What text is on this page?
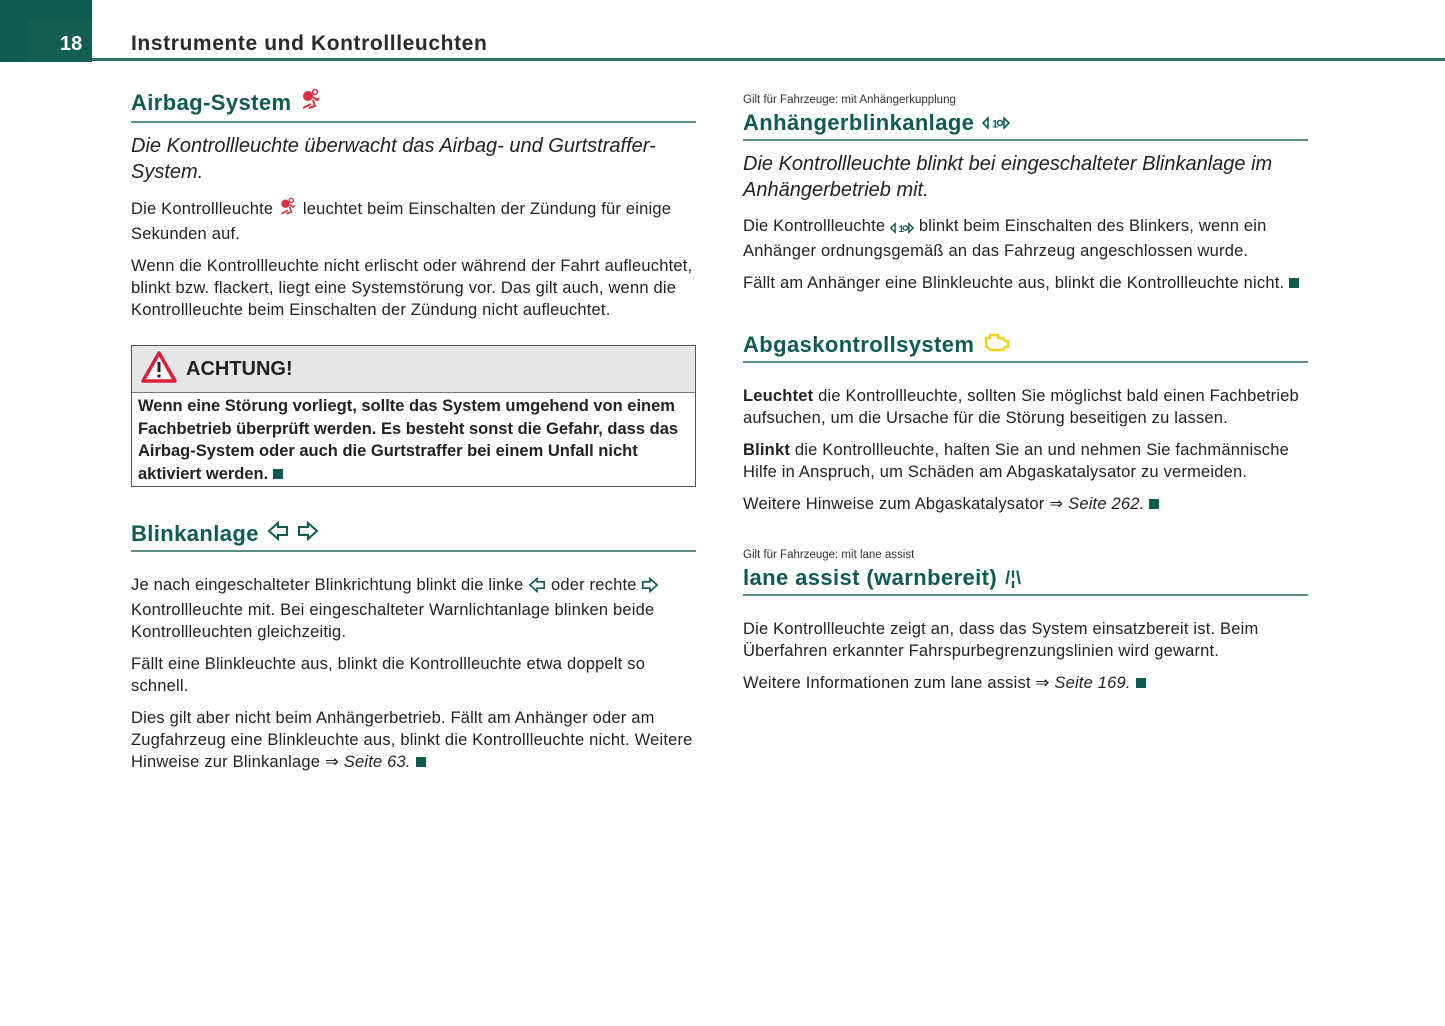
18 Instrumente und Kontrollleuchten
Airbag-System

Die Kontrollleuchte überwacht das Airbag- und Gurtstraffer-System.

Die Kontrollleuchte leuchtet beim Einschalten der Zündung für einige Sekunden auf.

Wenn die Kontrollleuchte nicht erlischt oder während der Fahrt aufleuchtet, blinkt bzw. flackert, liegt eine Systemstörung vor. Das gilt auch, wenn die Kontrollleuchte beim Einschalten der Zündung nicht aufleuchtet.

ACHTUNG!
Wenn eine Störung vorliegt, sollte das System umgehend von einem Fachbetrieb überprüft werden. Es besteht sonst die Gefahr, dass das Airbag-System oder auch die Gurtstraffer bei einem Unfall nicht aktiviert werden.
Blinkanlage

Je nach eingeschalteter Blinkrichtung blinkt die linke oder rechte  Kontrollleuchte mit. Bei eingeschalteter Warnlichtanlage blinken beide Kontrollleuchten gleichzeitig.

Fällt eine Blinkleuchte aus, blinkt die Kontrollleuchte etwa doppelt so schnell.

Dies gilt aber nicht beim Anhängerbetrieb. Fällt am Anhänger oder am Zugfahrzeug eine Blinkleuchte aus, blinkt die Kontrollleuchte nicht. Weitere Hinweise zur Blinkanlage ⇒ Seite 63.

Gilt für Fahrzeuge: mit Anhängerkupplung

Anhängerblinkanlage 1

Die Kontrollleuchte blinkt bei eingeschalteter Blinkanlage im Anhängerbetrieb mit.

Die Kontrollleuchte 1 blinkt beim Einschalten des Blinkers, wenn ein Anhänger ordnungsgemäß an das Fahrzeug angeschlossen wurde.

Fällt am Anhänger eine Blinkleuchte aus, blinkt die Kontrollleuchte nicht.

Abgaskontrollsystem

Leuchtet die Kontrollleuchte, sollten Sie möglichst bald einen Fachbetrieb aufsuchen, um die Ursache für die Störung beseitigen zu lassen.

Blinkt die Kontrollleuchte, halten Sie an und nehmen Sie fachmännische Hilfe in Anspruch, um Schäden am Abgaskatalysator zu vermeiden.

Weitere Hinweise zum Abgaskatalysator ⇒ Seite 262.

Gilt für Fahrzeuge: mit lane assist

lane assist (warnbereit) /¦\

Die Kontrollleuchte zeigt an, dass das System einsatzbereit ist. Beim Überfahren erkannter Fahrspurbegrenzungslinien wird gewarnt.

Weitere Informationen zum lane assist ⇒ Seite 169.
